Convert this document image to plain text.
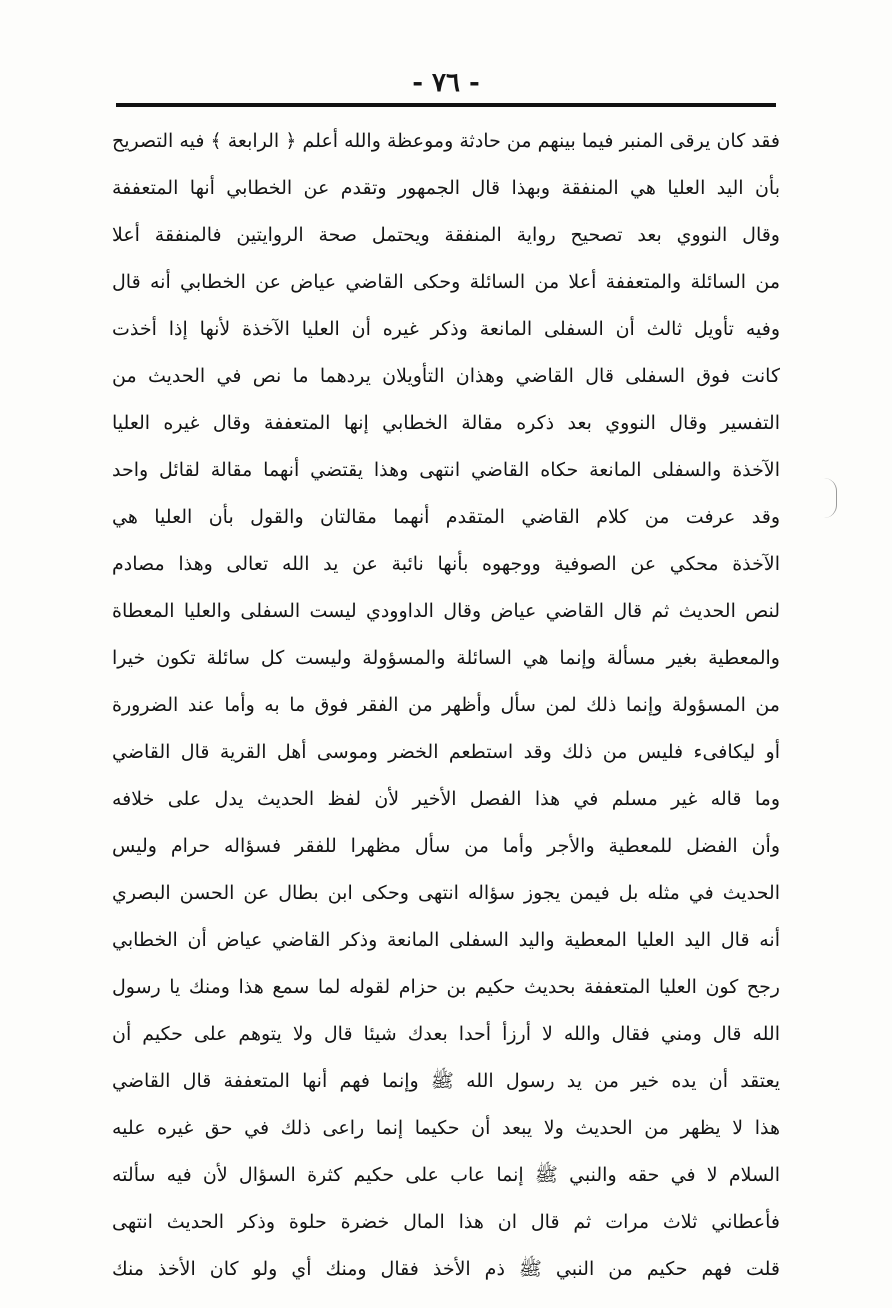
- ٧٦ -
فقد كان يرقى المنبر فيما بينهم من حادثة وموعظة والله أعلم ﴿ الرابعة ﴾ فيه التصريح
بأن اليد العليا هي المنفقة وبهذا قال الجمهور وتقدم عن الخطابي أنها المتعففة
وقال النووي بعد تصحيح رواية المنفقة ويحتمل صحة الروايتين فالمنفقة أعلا
من السائلة والمتعففة أعلا من السائلة وحكى القاضي عياض عن الخطابي أنه قال
وفيه تأويل ثالث أن السفلى المانعة وذكر غيره أن العليا الآخذة لأنها إذا أخذت
كانت فوق السفلى قال القاضي وهذان التأويلان يردهما ما نص في الحديث من
التفسير وقال النووي بعد ذكره مقالة الخطابي إنها المتعففة وقال غيره العليا
الآخذة والسفلى المانعة حكاه القاضي انتهى وهذا يقتضي أنهما مقالة لقائل واحد
وقد عرفت من كلام القاضي المتقدم أنهما مقالتان والقول بأن العليا هي
الآخذة محكي عن الصوفية ووجهوه بأنها نائبة عن يد الله تعالى وهذا مصادم
لنص الحديث ثم قال القاضي عياض وقال الداوودي ليست السفلى والعليا المعطاة
والمعطية بغير مسألة وإنما هي السائلة والمسؤولة وليست كل سائلة تكون خيرا
من المسؤولة وإنما ذلك لمن سأل وأظهر من الفقر فوق ما به وأما عند الضرورة
أو ليكافىء فليس من ذلك وقد استطعم الخضر وموسى أهل القرية قال القاضي
وما قاله غير مسلم في هذا الفصل الأخير لأن لفظ الحديث يدل على خلافه
وأن الفضل للمعطية والأجر وأما من سأل مظهرا للفقر فسؤاله حرام وليس
الحديث في مثله بل فيمن يجوز سؤاله انتهى وحكى ابن بطال عن الحسن البصري
أنه قال اليد العليا المعطية واليد السفلى المانعة وذكر القاضي عياض أن الخطابي
رجح كون العليا المتعففة بحديث حكيم بن حزام لقوله لما سمع هذا ومنك يا رسول
الله قال ومني فقال والله لا أرزأ أحدا بعدك شيئا قال ولا يتوهم على حكيم أن
يعتقد أن يده خير من يد رسول الله ﷺ وإنما فهم أنها المتعففة قال القاضي
هذا لا يظهر من الحديث ولا يبعد أن حكيما إنما راعى ذلك في حق غيره عليه
السلام لا في حقه والنبي ﷺ إنما عاب على حكيم كثرة السؤال لأن فيه سألته
فأعطاني ثلاث مرات ثم قال ان هذا المال خضرة حلوة وذكر الحديث انتهى
قلت فهم حكيم من النبي ﷺ ذم الأخذ فقال ومنك أي ولو كان الأخذ منك
